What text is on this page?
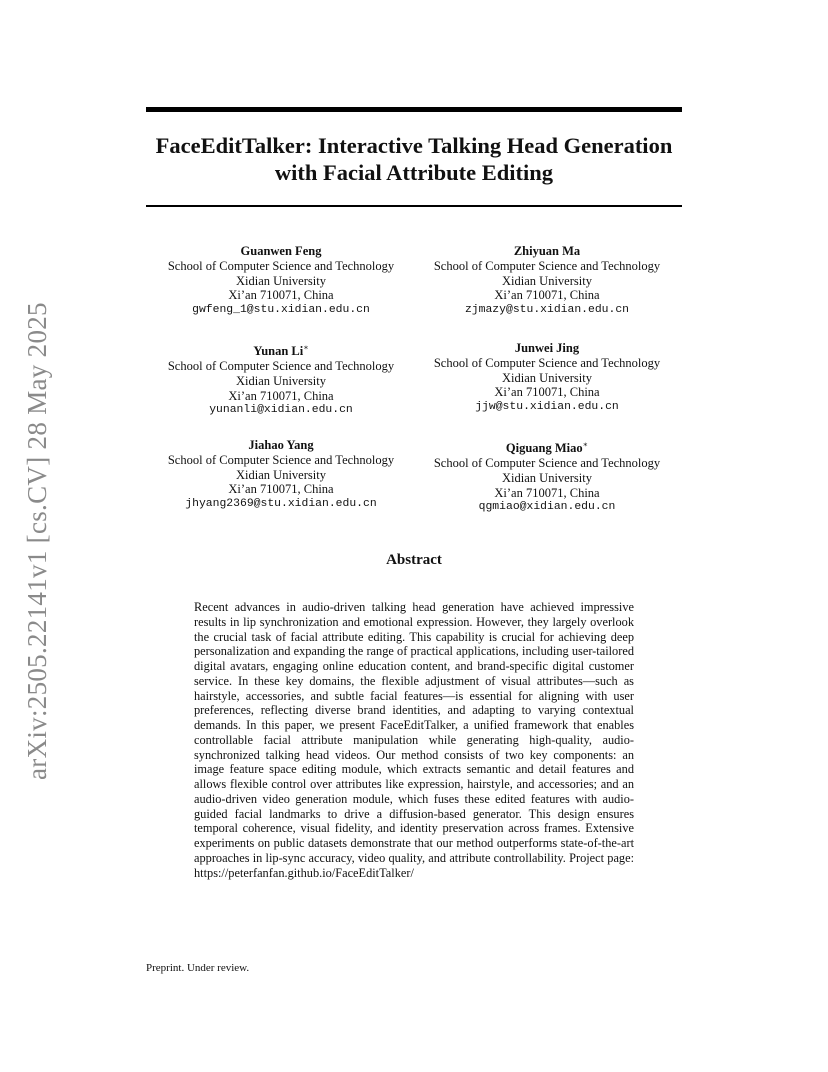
arXiv:2505.22141v1 [cs.CV] 28 May 2025
FaceEditTalker: Interactive Talking Head Generation
with Facial Attribute Editing
Guanwen Feng
School of Computer Science and Technology
Xidian University
Xi’an 710071, China
gwfeng_1@stu.xidian.edu.cn
Zhiyuan Ma
School of Computer Science and Technology
Xidian University
Xi’an 710071, China
zjmazy@stu.xidian.edu.cn
Yunan Li∗
School of Computer Science and Technology
Xidian University
Xi’an 710071, China
yunanli@xidian.edu.cn
Junwei Jing
School of Computer Science and Technology
Xidian University
Xi’an 710071, China
jjw@stu.xidian.edu.cn
Jiahao Yang
School of Computer Science and Technology
Xidian University
Xi’an 710071, China
jhyang2369@stu.xidian.edu.cn
Qiguang Miao∗
School of Computer Science and Technology
Xidian University
Xi’an 710071, China
qgmiao@xidian.edu.cn
Abstract

Recent advances in audio-driven talking head generation have achieved impressive results in lip synchronization and emotional expression. However, they largely overlook the crucial task of facial attribute editing. This capability is crucial for achieving deep personalization and expanding the range of practical applications, including user-tailored digital avatars, engaging online education content, and brand-specific digital customer service. In these key domains, the flexible adjustment of visual attributes—such as hairstyle, accessories, and subtle facial features—is essential for aligning with user preferences, reflecting diverse brand identities, and adapting to varying contextual demands. In this paper, we present FaceEditTalker, a unified framework that enables controllable facial attribute manipulation while generating high-quality, audio-synchronized talking head videos. Our method consists of two key components: an image feature space editing module, which extracts semantic and detail features and allows flexible control over attributes like expression, hairstyle, and accessories; and an audio-driven video generation module, which fuses these edited features with audio-guided facial landmarks to drive a diffusion-based generator. This design ensures temporal coherence, visual fidelity, and identity preservation across frames. Extensive experiments on public datasets demonstrate that our method outperforms state-of-the-art approaches in lip-sync accuracy, video quality, and attribute controllability. Project page: https://peterfanfan.github.io/FaceEditTalker/

Preprint. Under review.
